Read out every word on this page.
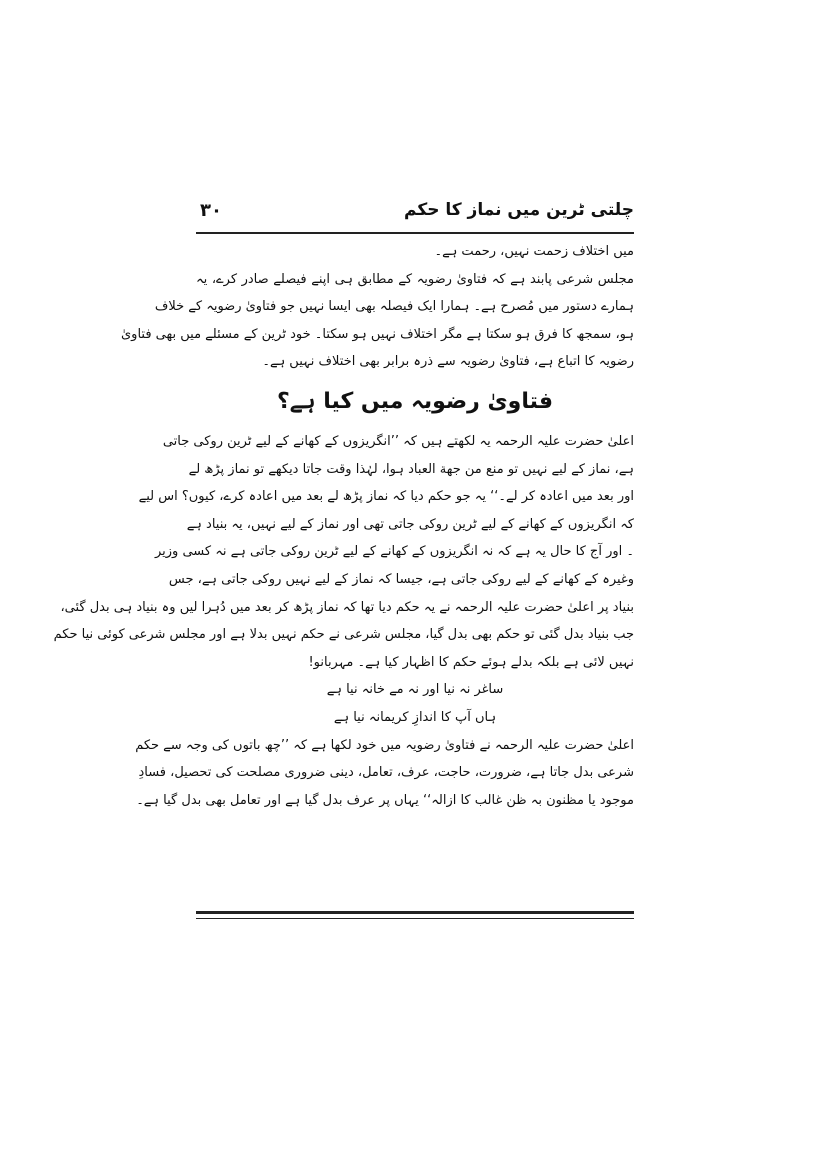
چلتی ٹرین میں نماز کا حکم
۳۰
میں اختلاف زحمت نہیں، رحمت ہے۔
مجلس شرعی پابند ہے کہ فتاویٰ رضویہ کے مطابق ہی اپنے فیصلے صادر کرے، یہ
ہمارے دستور میں مُصرح ہے۔ ہمارا ایک فیصلہ بھی ایسا نہیں جو فتاویٰ رضویہ کے خلاف
ہو، سمجھ کا فرق ہو سکتا ہے مگر اختلاف نہیں ہو سکتا۔ خود ٹرین کے مسئلے میں بھی فتاویٰ
رضویہ کا اتباع ہے، فتاویٰ رضویہ سے ذرہ برابر بھی اختلاف نہیں ہے۔
فتاویٰ رضویہ میں کیا ہے؟
اعلیٰ حضرت علیہ الرحمہ یہ لکھتے ہیں کہ ’’انگریزوں کے کھانے کے لیے ٹرین روکی جاتی
ہے، نماز کے لیے نہیں تو منع من جھة العباد ہوا، لہٰذا وقت جاتا دیکھے تو نماز پڑھ لے
اور بعد میں اعادہ کر لے۔‘‘ یہ جو حکم دیا کہ نماز پڑھ لے بعد میں اعادہ کرے، کیوں؟ اس لیے
کہ انگریزوں کے کھانے کے لیے ٹرین روکی جاتی تھی اور نماز کے لیے نہیں، یہ بنیاد ہے
۔ اور آج کا حال یہ ہے کہ نہ انگریزوں کے کھانے کے لیے ٹرین روکی جاتی ہے نہ کسی وزیر
وغیرہ کے کھانے کے لیے روکی جاتی ہے، جیسا کہ نماز کے لیے نہیں روکی جاتی ہے، جس
بنیاد پر اعلیٰ حضرت علیہ الرحمہ نے یہ حکم دیا تھا کہ نماز پڑھ کر بعد میں دُہرا لیں وہ بنیاد ہی بدل گئی،
جب بنیاد بدل گئی تو حکم بھی بدل گیا، مجلس شرعی نے حکم نہیں بدلا ہے اور مجلس شرعی کوئی نیا حکم
نہیں لائی ہے بلکہ بدلے ہوئے حکم کا اظہار کیا ہے۔ مہربانو!
ساغر نہ نیا اور نہ مے خانہ نیا ہے
ہاں آپ کا اندازِ کریمانہ نیا ہے
اعلیٰ حضرت علیہ الرحمہ نے فتاویٰ رضویہ میں خود لکھا ہے کہ ’’چھ باتوں کی وجہ سے حکم
شرعی بدل جاتا ہے، ضرورت، حاجت، عرف، تعامل، دینی ضروری مصلحت کی تحصیل، فسادِ
موجود یا مظنون بہ ظن غالب کا ازالہ‘‘ یہاں پر عرف بدل گیا ہے اور تعامل بھی بدل گیا ہے۔
